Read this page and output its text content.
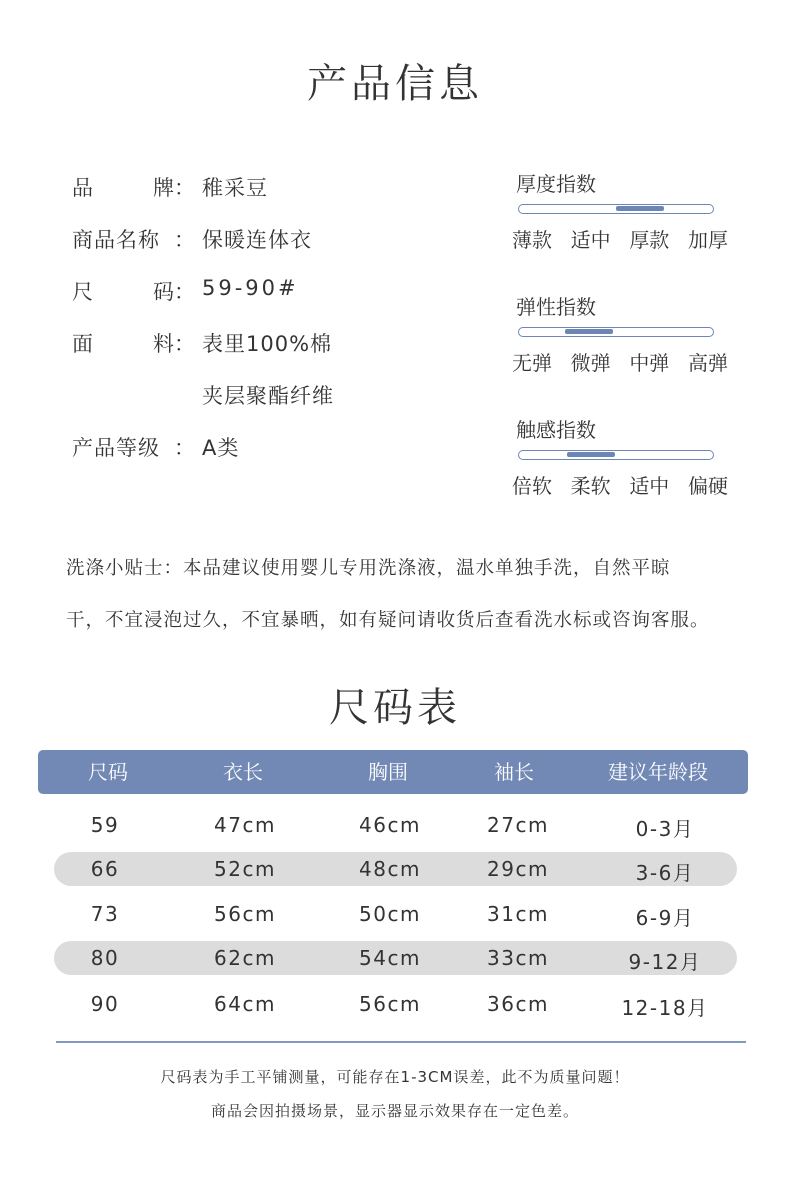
产品信息
品	牌 ： 稚采豆
商品名称 ： 保暖连体衣
尺	码 ： 59-90#
面	料 ： 表里100%棉
夹层聚酯纤维
产品等级 ： A类
厚度指数
薄款 适中 厚款 加厚
弹性指数
无弹 微弹 中弹 高弹
触感指数
倍软 柔软 适中 偏硬
洗涤小贴士：本品建议使用婴儿专用洗涤液，温水单独手洗，自然平晾
干，不宜浸泡过久，不宜暴晒，如有疑问请收货后查看洗水标或咨询客服。
尺码表
尺码	衣长	胸围	袖长	建议年龄段
59	47cm	46cm	27cm	0-3月
66	52cm	48cm	29cm	3-6月
73	56cm	50cm	31cm	6-9月
80	62cm	54cm	33cm	9-12月
90	64cm	56cm	36cm	12-18月
尺码表为手工平铺测量，可能存在1-3CM误差，此不为质量问题！
商品会因拍摄场景，显示器显示效果存在一定色差。
